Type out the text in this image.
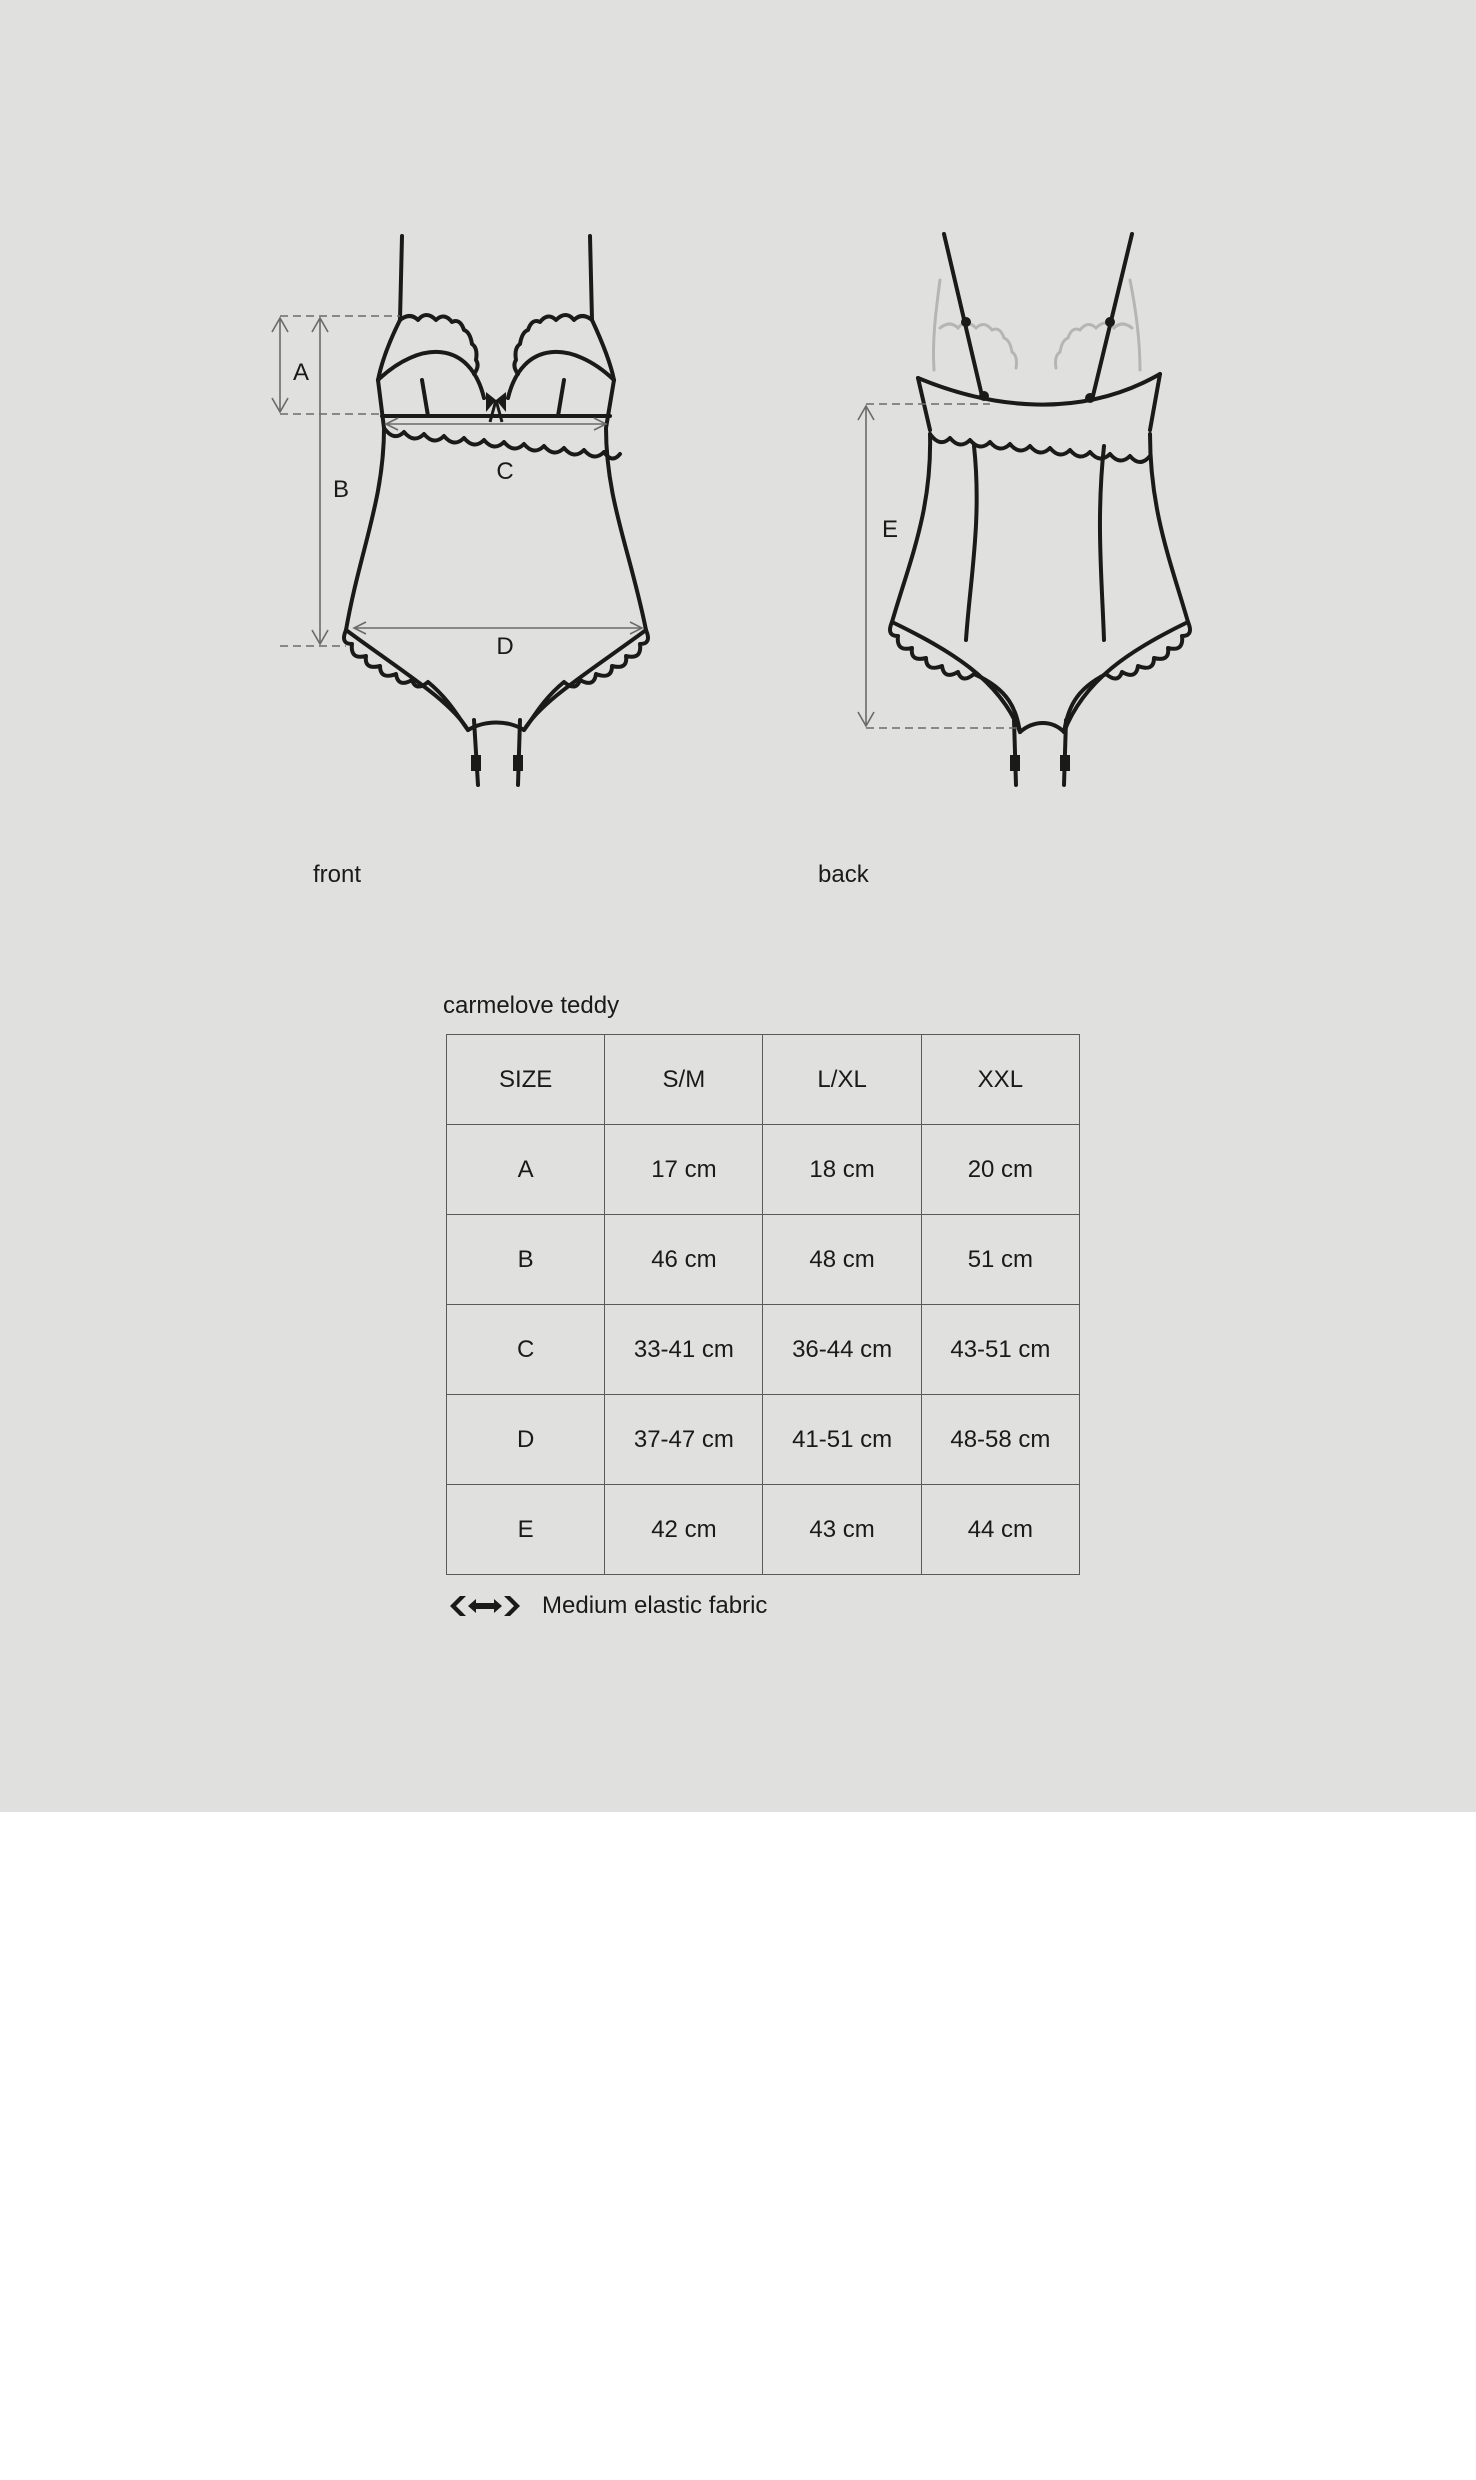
A
B
C
D
E
front	back
carmelove teddy
SIZE	S/M	L/XL	XXL
A	17 cm	18 cm	20 cm
B	46 cm	48 cm	51 cm
C	33-41 cm	36-44 cm	43-51 cm
D	37-47 cm	41-51 cm	48-58 cm
E	42 cm	43 cm	44 cm
Medium elastic fabric
